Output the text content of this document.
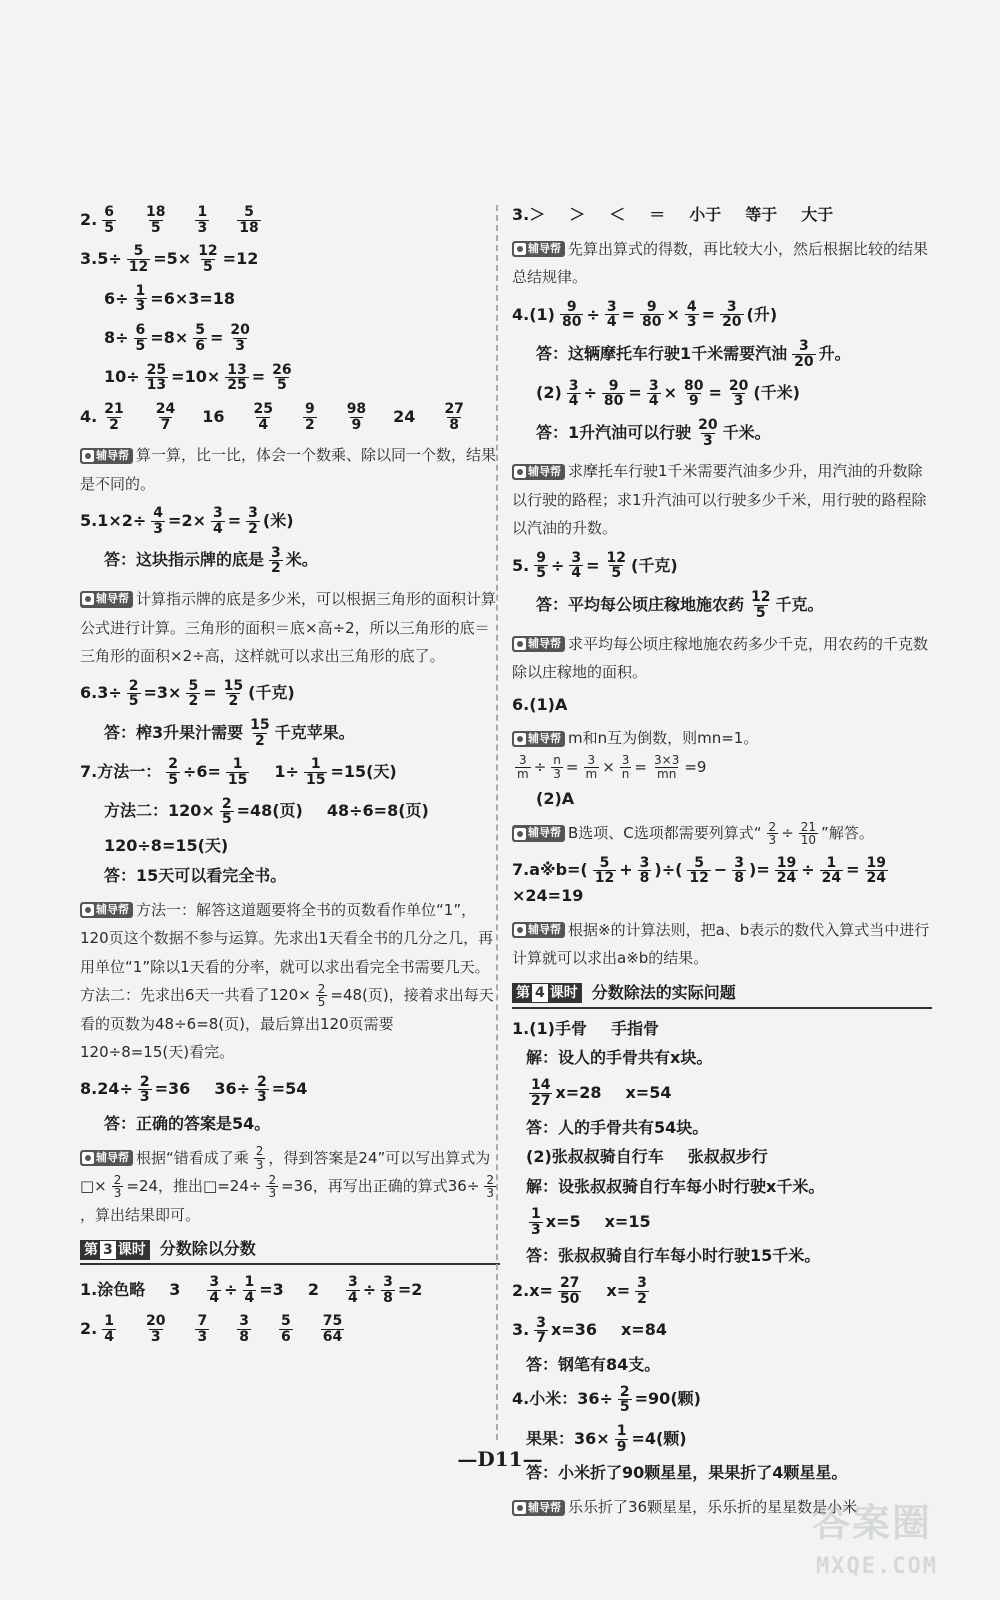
2. $\frac{6}{5} \frac{18}{5} \frac{1}{3} \frac{5}{18}$
$3.5\div \frac{5}{12} =5\times \frac{12}{5} =12$
$6\div \frac{1}{3} =6\times 3=18$
$8\div \frac{6}{5} =8\times \frac{5}{6} = \frac{20}{3}$
$10\div \frac{25}{13} =10\times \frac{13}{25} = \frac{26}{5}$
4. $\frac{21}{2} \frac{24}{7} 16 \frac{25}{4} \frac{9}{2} \frac{98}{9} 24 \frac{27}{8}$
辅导帮 算一算，比一比，体会一个数乘、除以同一个数，结果是不同的。
$5.1\times 2\div \frac{4}{3} =2\times \frac{3}{4} = \frac{3}{2}$ (米)
答：这块指示牌的底是 $\frac{3}{2}$ 米。
辅导帮 计算指示牌的底是多少米，可以根据三角形的面积计算公式进行计算。三角形的面积＝底×高÷2，所以三角形的底＝三角形的面积×2÷高，这样就可以求出三角形的底了。
$6.3\div \frac{2}{5} =3\times \frac{5}{2} = \frac{15}{2}$ (千克)
答：榨3升果汁需要 $\frac{15}{2}$ 千克苹果。
7.方法一： $\frac{2}{5} \div 6= \frac{1}{15} 1\div \frac{1}{15} =15$(天)
方法二：$120\times \frac{2}{5} =48$(页) 48÷6=8(页)
120÷8=15(天)
答：15天可以看完全书。
辅导帮 方法一：解答这道题要将全书的页数看作单位“1”，120页这个数据不参与运算。先求出1天看全书的几分之几，再用单位“1”除以1天看的分率，就可以求出看完全书需要几天。方法二：先求出6天一共看了$120\times \frac{2}{5} =48$(页)，接着求出每天看的页数为48÷6=8(页)，最后算出120页需要120÷8=15(天)看完。
$8.24\div \frac{2}{3} =36$ $36\div \frac{2}{3} =54$
答：正确的答案是54。
辅导帮 根据“错看成了乘 $\frac{2}{3}$ ，得到答案是24”可以写出算式为□× $\frac{2}{3} =24$，推出□=24÷ $\frac{2}{3} =36$，再写出正确的算式$36\div \frac{2}{3}$
，算出结果即可。
第 3 课时 分数除以分数
1.涂色略 $3 \frac{3}{4} \div \frac{1}{4} =3$ $2 \frac{3}{4} \div \frac{3}{8} =2$
2. $\frac{1}{4} \frac{20}{3} \frac{7}{3} \frac{3}{8} \frac{5}{6} \frac{75}{64}$
3.＞ ＞ ＜ ＝ 小于 等于 大于
辅导帮 先算出算式的得数，再比较大小，然后根据比较的结果总结规律。
$4.(1) \frac{9}{80} \div \frac{3}{4} = \frac{9}{80} \times \frac{4}{3} = \frac{3}{20}$ (升)
答：这辆摩托车行驶1千米需要汽油 $\frac{3}{20}$ 升。
$(2) \frac{3}{4} \div \frac{9}{80} = \frac{3}{4} \times \frac{80}{9} = \frac{20}{3}$ (千米)
答：1升汽油可以行驶 $\frac{20}{3}$ 千米。
辅导帮 求摩托车行驶1千米需要汽油多少升，用汽油的升数除以行驶的路程；求1升汽油可以行驶多少千米，用行驶的路程除以汽油的升数。
5. $\frac{9}{5} \div \frac{3}{4} = \frac{12}{5}$ (千克)
答：平均每公顷庄稼地施农药 $\frac{12}{5}$ 千克。
辅导帮 求平均每公顷庄稼地施农药多少千克，用农药的千克数除以庄稼地的面积。
6.(1)A
辅导帮 m和n互为倒数，则mn=1。

$\frac{3}{m} \div \frac{n}{3} = \frac{3}{m} \times \frac{3}{n} = \frac{3\times 3}{mn} =9$
(2)A
辅导帮 B选项、C选项都需要列算式“ $\frac{2}{3} \div \frac{21}{10}$ ”解答。
7.a※b=( $\frac{5}{12} + \frac{3}{8}$ )÷( $\frac{5}{12} - \frac{3}{8}$ )= $\frac{19}{24} \div \frac{1}{24} = \frac{19}{24}$
×24=19
辅导帮 根据※的计算法则，把a、b表示的数代入算式当中进行计算就可以求出a※b的结果。
第 4 课时 分数除法的实际问题
1.(1)手骨 手指骨
解：设人的手骨共有x块。
$\frac{14}{27} x=28$ x=54
答：人的手骨共有54块。
(2)张叔叔骑自行车 张叔叔步行
解：设张叔叔骑自行车每小时行驶x千米。
$\frac{1}{3} x=5$ x=15
答：张叔叔骑自行车每小时行驶15千米。
$2.x= \frac{27}{50} x= \frac{3}{2}$
3. $\frac{3}{7} x=36$ x=84
答：钢笔有84支。
4.小米：$36\div \frac{2}{5} =90$(颗)
果果：$36\times \frac{1}{9} =4$(颗)
答：小米折了90颗星星，果果折了4颗星星。
辅导帮 乐乐折了36颗星星，乐乐折的星星数是小米
—D11—
答案圈
MXQE.COM
